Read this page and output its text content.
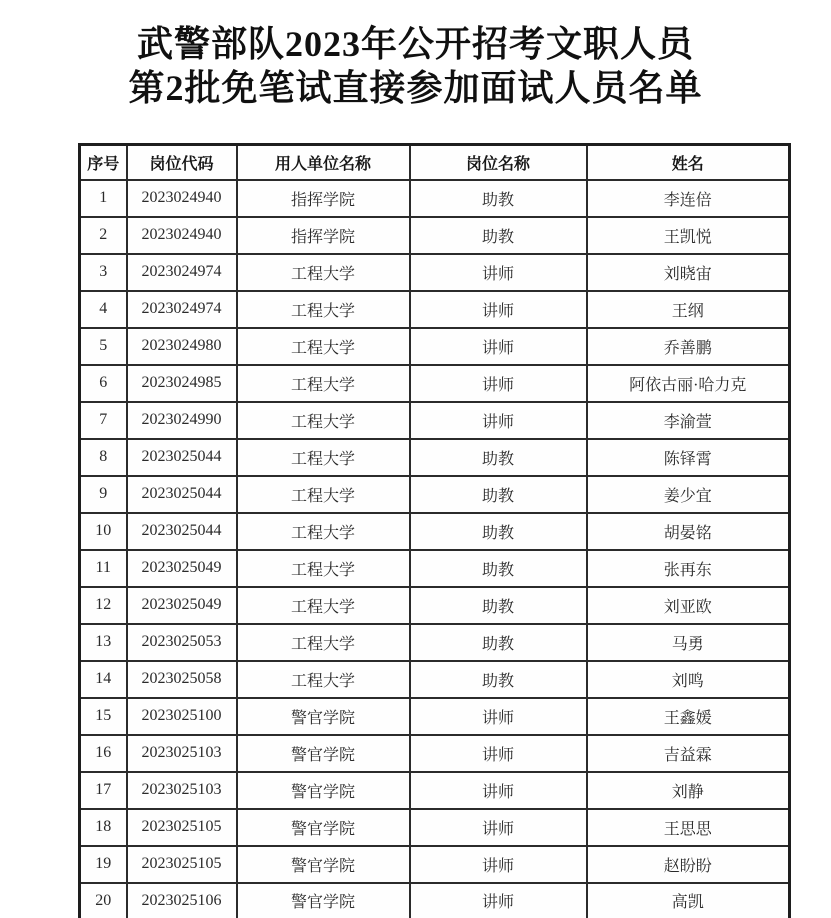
武警部队2023年公开招考文职人员
第2批免笔试直接参加面试人员名单
序号	岗位代码	用人单位名称	岗位名称	姓名
1	2023024940	指挥学院	助教	李连倍
2	2023024940	指挥学院	助教	王凯悦
3	2023024974	工程大学	讲师	刘晓宙
4	2023024974	工程大学	讲师	王纲
5	2023024980	工程大学	讲师	乔善鹏
6	2023024985	工程大学	讲师	阿依古丽·哈力克
7	2023024990	工程大学	讲师	李渝萱
8	2023025044	工程大学	助教	陈铎霄
9	2023025044	工程大学	助教	姜少宜
10	2023025044	工程大学	助教	胡晏铭
11	2023025049	工程大学	助教	张再东
12	2023025049	工程大学	助教	刘亚欧
13	2023025053	工程大学	助教	马勇
14	2023025058	工程大学	助教	刘鸣
15	2023025100	警官学院	讲师	王鑫媛
16	2023025103	警官学院	讲师	吉益霖
17	2023025103	警官学院	讲师	刘静
18	2023025105	警官学院	讲师	王思思
19	2023025105	警官学院	讲师	赵盼盼
20	2023025106	警官学院	讲师	高凯
